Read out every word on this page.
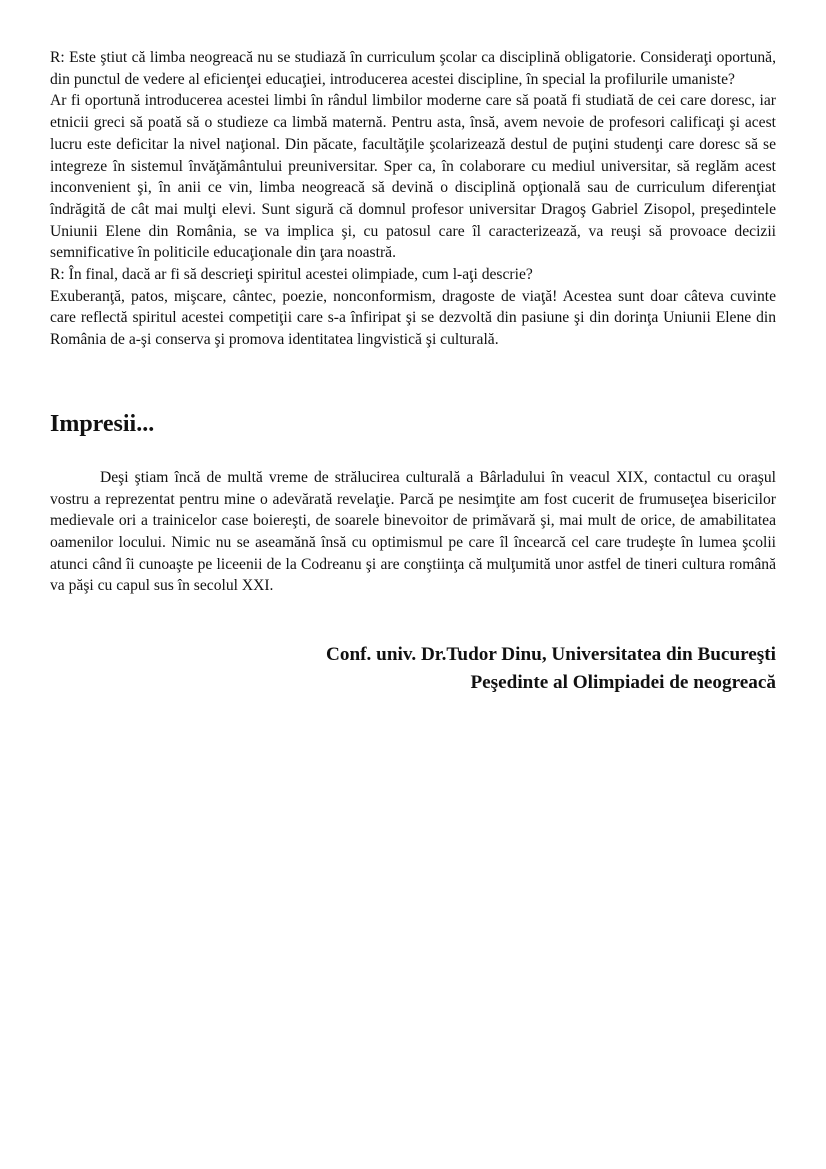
R: Este ştiut că limba neogreacă nu se studiază în curriculum şcolar ca disciplină obligatorie. Consideraţi oportună, din punctul de vedere al eficienţei educaţiei, introducerea acestei discipline, în special la profilurile umaniste?

Ar fi oportună introducerea acestei limbi în rândul limbilor moderne care să poată fi studiată de cei care doresc, iar etnicii greci să poată să o studieze ca limbă maternă. Pentru asta, însă, avem nevoie de profesori calificaţi şi acest lucru este deficitar la nivel naţional. Din păcate, facultăţile şcolarizează destul de puţini studenţi care doresc să se integreze în sistemul învăţământului preuniversitar. Sper ca, în colaborare cu mediul universitar, să reglăm acest inconvenient şi, în anii ce vin, limba neogreacă să devină o disciplină opţională sau de curriculum diferenţiat îndrăgită de cât mai mulţi elevi. Sunt sigură că domnul profesor universitar Dragoş Gabriel Zisopol, preşedintele Uniunii Elene din România, se va implica şi, cu patosul care îl caracterizează, va reuşi să provoace decizii semnificative în politicile educaţionale din ţara noastră.

R: În final, dacă ar fi să descrieţi spiritul acestei olimpiade, cum l-aţi descrie?

Exuberanţă, patos, mişcare, cântec, poezie, nonconformism, dragoste de viaţă! Acestea sunt doar câteva cuvinte care reflectă spiritul acestei competiţii care s-a înfiripat şi se dezvoltă din pasiune şi din dorinţa Uniunii Elene din România de a-şi conserva şi promova identitatea lingvistică şi culturală.

Impresii...

Deşi ştiam încă de multă vreme de strălucirea culturală a Bârladului în veacul XIX, contactul cu oraşul vostru a reprezentat pentru mine o adevărată revelaţie. Parcă pe nesimţite am fost cucerit de frumuseţea bisericilor medievale ori a trainicelor case boiereşti, de soarele binevoitor de primăvară şi, mai mult de orice, de amabilitatea oamenilor locului. Nimic nu se aseamănă însă cu optimismul pe care îl încearcă cel care trudeşte în lumea şcolii atunci când îi cunoaşte pe liceenii de la Codreanu şi are conştiinţa că mulţumită unor astfel de tineri cultura română va păşi cu capul sus în secolul XXI.

Conf. univ. Dr.Tudor Dinu, Universitatea din Bucureşti
Peşedinte al Olimpiadei de neogreacă
